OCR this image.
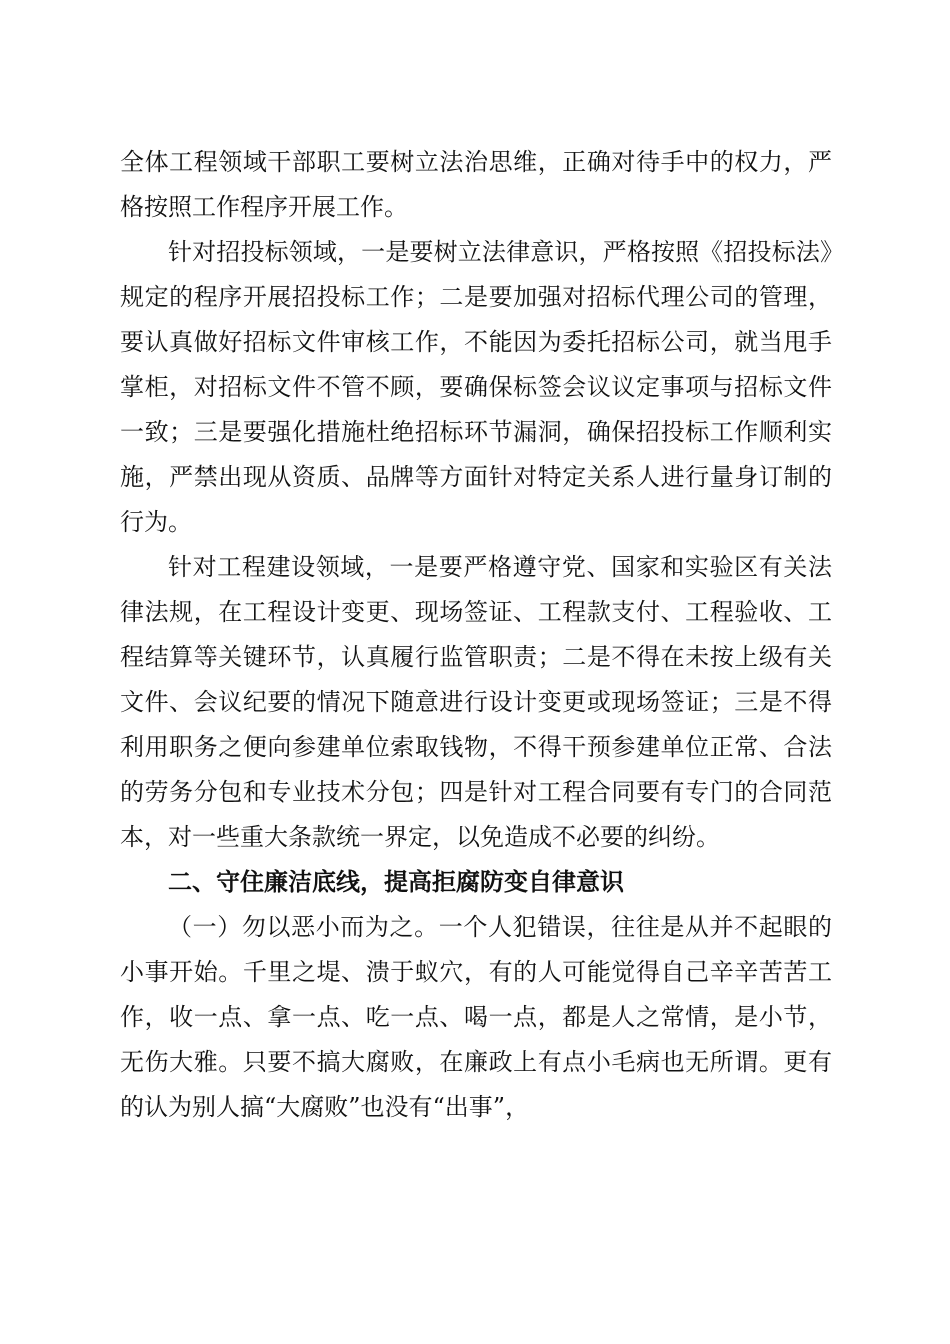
全体工程领域干部职工要树立法治思维，正确对待手中的权力，严格按照工作程序开展工作。

针对招投标领域，一是要树立法律意识，严格按照《招投标法》规定的程序开展招投标工作；二是要加强对招标代理公司的管理，要认真做好招标文件审核工作，不能因为委托招标公司，就当甩手掌柜，对招标文件不管不顾，要确保标签会议议定事项与招标文件一致；三是要强化措施杜绝招标环节漏洞，确保招投标工作顺利实施，严禁出现从资质、品牌等方面针对特定关系人进行量身订制的行为。

针对工程建设领域，一是要严格遵守党、国家和实验区有关法律法规，在工程设计变更、现场签证、工程款支付、工程验收、工程结算等关键环节，认真履行监管职责；二是不得在未按上级有关文件、会议纪要的情况下随意进行设计变更或现场签证；三是不得利用职务之便向参建单位索取钱物，不得干预参建单位正常、合法的劳务分包和专业技术分包；四是针对工程合同要有专门的合同范本，对一些重大条款统一界定，以免造成不必要的纠纷。

二、守住廉洁底线，提高拒腐防变自律意识

（一）勿以恶小而为之。一个人犯错误，往往是从并不起眼的小事开始。千里之堤、溃于蚁穴，有的人可能觉得自己辛辛苦苦工作，收一点、拿一点、吃一点、喝一点，都是人之常情，是小节，无伤大雅。只要不搞大腐败，在廉政上有点小毛病也无所谓。更有的认为别人搞“大腐败”也没有“出事”，
